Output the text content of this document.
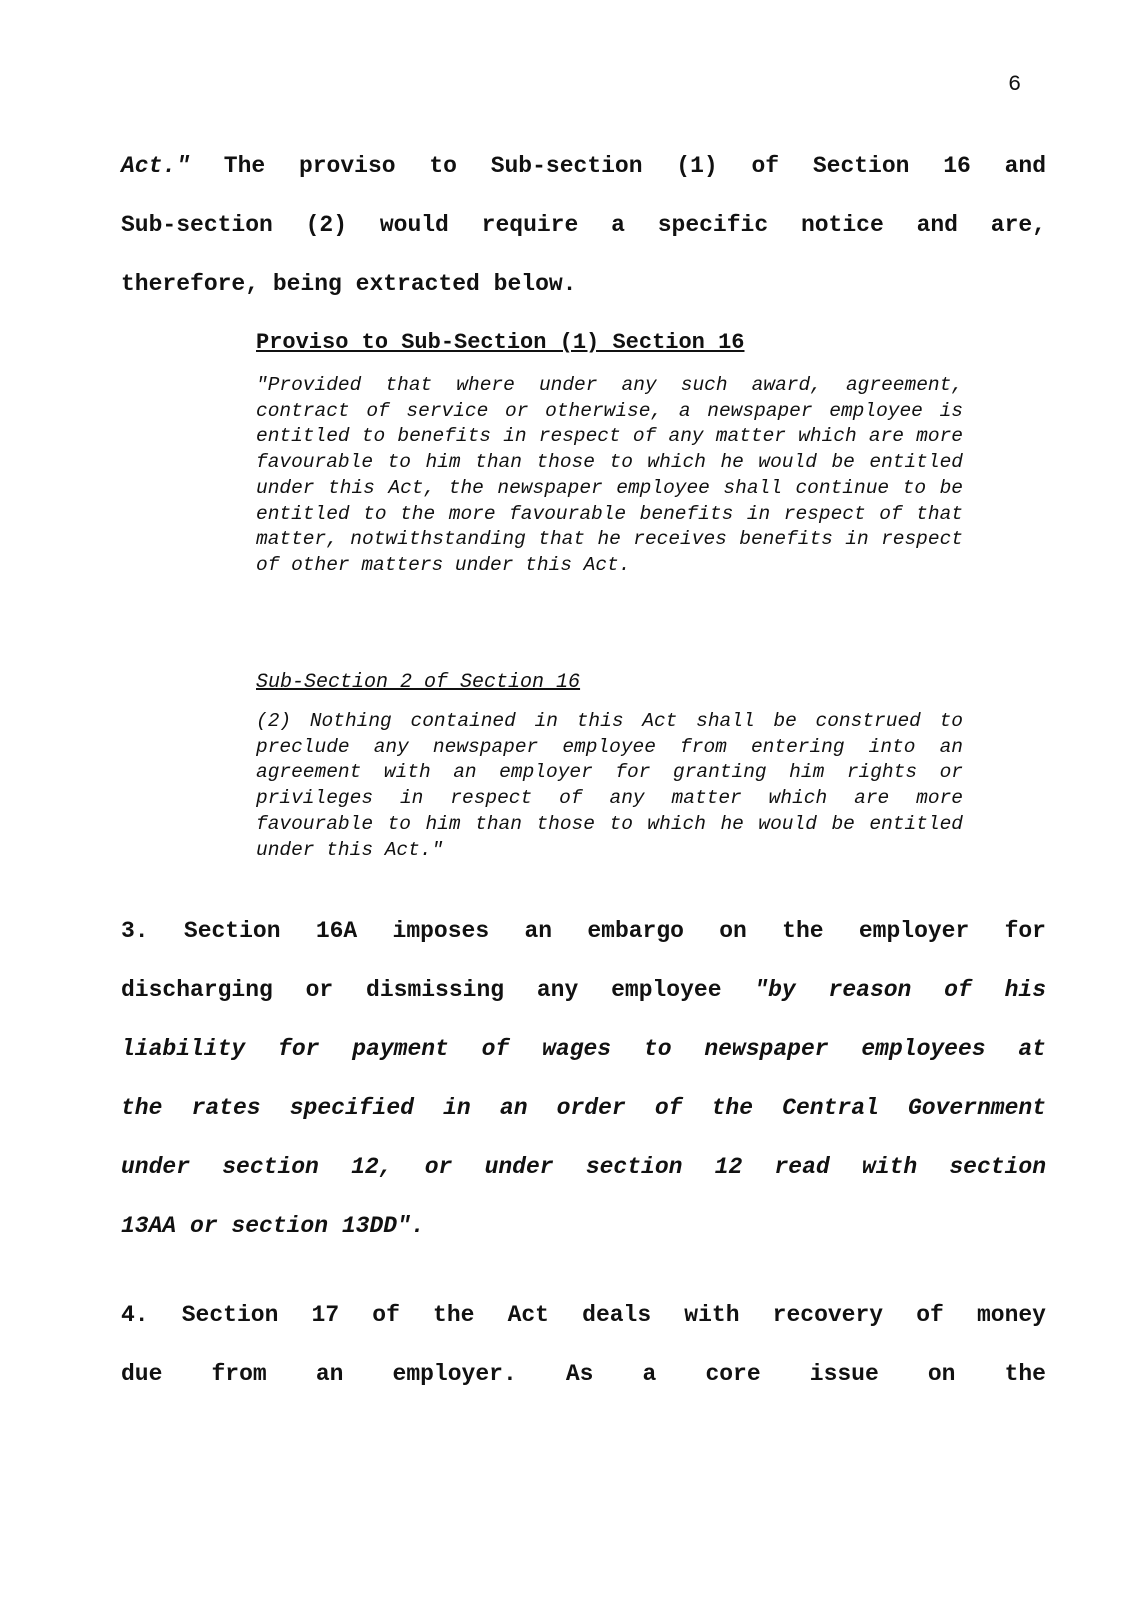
6
Act." The proviso to Sub-section (1) of Section 16 and
Sub-section (2) would require a specific notice and are,
therefore, being extracted below.
Proviso to Sub-Section (1) Section 16
"Provided that where under any such award, agreement, contract of service or otherwise, a newspaper employee is entitled to benefits in respect of any matter which are more favourable to him than those to which he would be entitled under this Act, the newspaper employee shall continue to be entitled to the more favourable benefits in respect of that matter, notwithstanding that he receives benefits in respect of other matters under this Act.
Sub-Section 2 of Section 16
(2) Nothing contained in this Act shall be construed to preclude any newspaper employee from entering into an agreement with an employer for granting him rights or privileges in respect of any matter which are more favourable to him than those to which he would be entitled under this Act."
3. Section 16A imposes an embargo on the employer for
discharging or dismissing any employee "by reason of his
liability for payment of wages to newspaper employees at
the rates specified in an order of the Central Government
under section 12, or under section 12 read with section
13AA or section 13DD".
4. Section 17 of the Act deals with recovery of money
due from an employer. As a core issue on the
